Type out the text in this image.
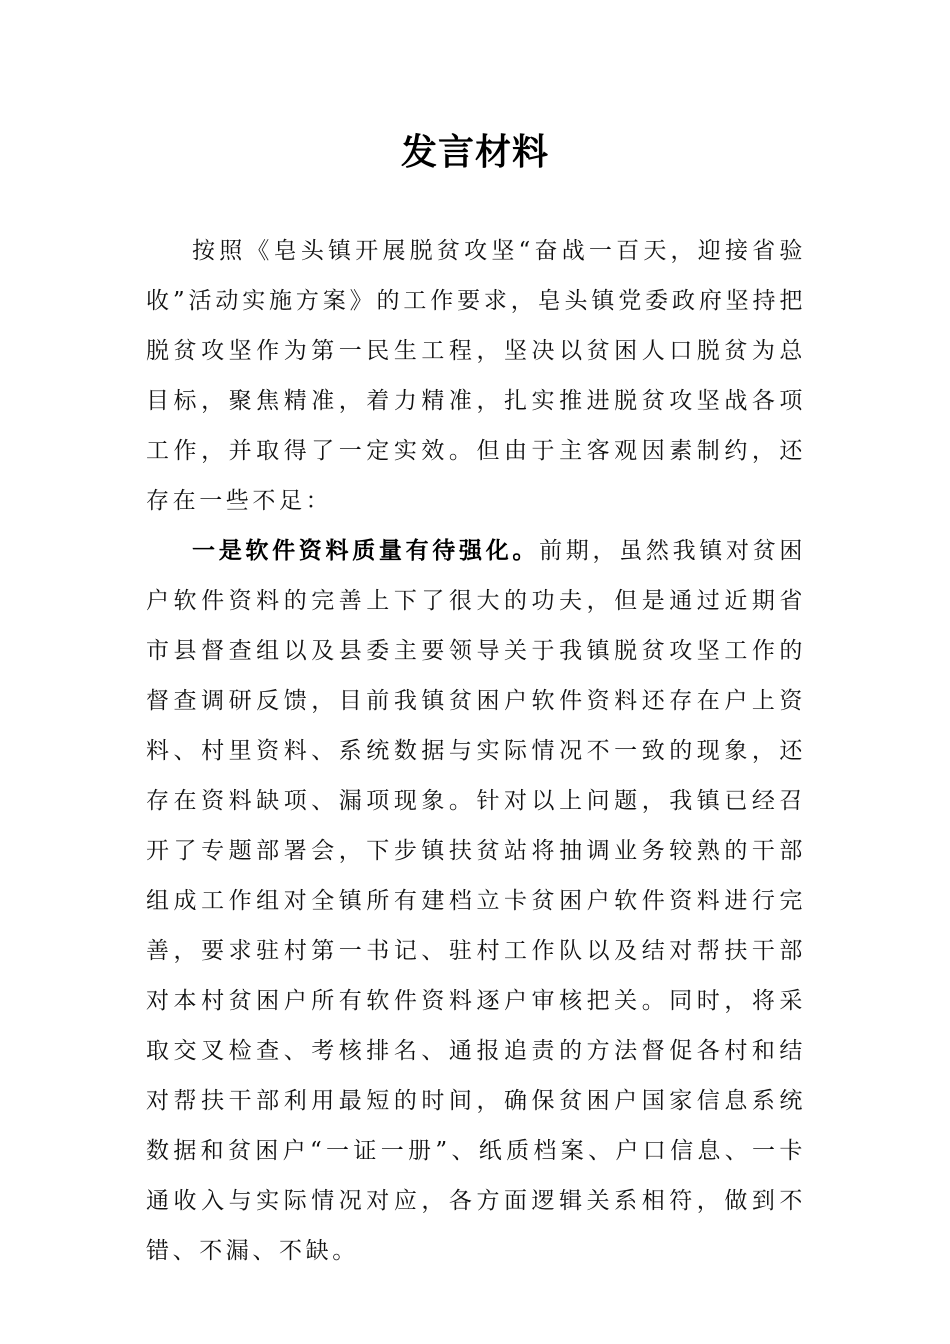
发言材料

按照《皂头镇开展脱贫攻坚“奋战一百天，迎接省验收”活动实施方案》的工作要求，皂头镇党委政府坚持把脱贫攻坚作为第一民生工程，坚决以贫困人口脱贫为总目标，聚焦精准，着力精准，扎实推进脱贫攻坚战各项工作，并取得了一定实效。但由于主客观因素制约，还存在一些不足：

一是软件资料质量有待强化。前期，虽然我镇对贫困户软件资料的完善上下了很大的功夫，但是通过近期省市县督查组以及县委主要领导关于我镇脱贫攻坚工作的督查调研反馈，目前我镇贫困户软件资料还存在户上资料、村里资料、系统数据与实际情况不一致的现象，还存在资料缺项、漏项现象。针对以上问题，我镇已经召开了专题部署会，下步镇扶贫站将抽调业务较熟的干部组成工作组对全镇所有建档立卡贫困户软件资料进行完善，要求驻村第一书记、驻村工作队以及结对帮扶干部对本村贫困户所有软件资料逐户审核把关。同时，将采取交叉检查、考核排名、通报追责的方法督促各村和结对帮扶干部利用最短的时间，确保贫困户国家信息系统数据和贫困户“一证一册”、纸质档案、户口信息、一卡通收入与实际情况对应，各方面逻辑关系相符，做到不错、不漏、不缺。
